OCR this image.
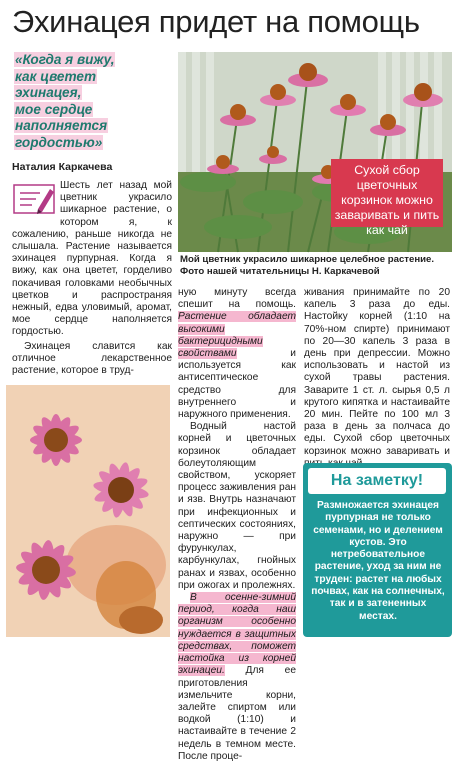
Эхинацея придет на помощь
«Когда я вижу,
как цветет
эхинацея,
мое сердце
наполняется
гордостью»
Наталия Каркачева

Шесть лет назад мой цветник украсило шикарное растение, о котором я, к сожалению, раньше никогда не слышала. Растение называется эхинацея пурпурная. Когда я вижу, как она цветет, горделиво покачивая головками необычных цветков и распространяя нежный, едва уловимый, аромат, мое сердце наполняется гордостью.

Эхинацея славится как отличное лекарственное растение, которое в труд-

Сухой сбор цветочных корзинок можно заваривать и пить как чай
Мой цветник украсило шикарное целебное растение. Фото нашей читательницы Н. Каркачевой

ную минуту всегда спешит на помощь. Растение обладает высокими бактерицидными свойствами и используется как антисептическое средство для внутреннего и наружного применения.

Водный настой корней и цветочных корзинок обладает болеутоляющим свойством, ускоряет процесс заживления ран и язв. Внутрь назначают при инфекционных и септических состояниях, наружно — при фурункулах, карбункулах, гнойных ранах и язвах, особенно при ожогах и пролежнях.

В осенне-зимний период, когда наш организм особенно нуждается в защитных средствах, поможет настойка из корней эхинацеи. Для ее приготовления измельчите корни, залейте спиртом или водкой (1:10) и настаивайте в течение 2 недель в темном месте. После проце-

живания принимайте по 20 капель 3 раза до еды. Настойку корней (1:10 на 70%-ном спирте) принимают по 20—30 капель 3 раза в день при депрессии. Можно использовать и настой из сухой травы растения. Заварите 1 ст. л. сырья 0,5 л крутого кипятка и настаивайте 20 мин. Пейте по 100 мл 3 раза в день за полчаса до еды. Сухой сбор цветочных корзинок можно заваривать и

На заметку!
Размножается эхинацея пурпурная не только семенами, но и делением кустов. Это нетребовательное растение, уход за ним не труден: растет на любых почвах, как на солнечных, так и в затененных местах.
